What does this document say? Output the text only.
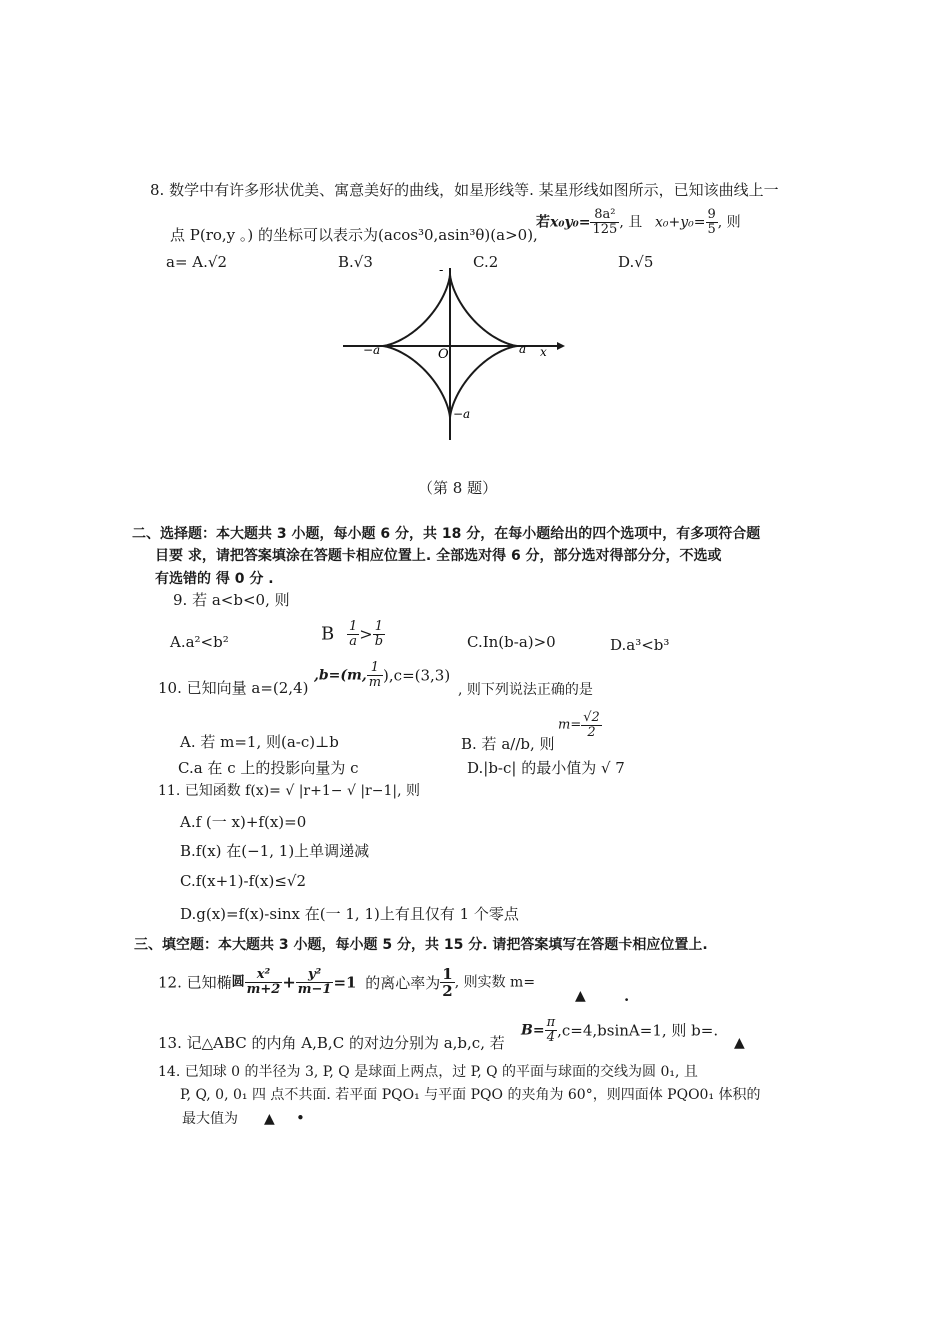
8. 数学中有许多形状优美、寓意美好的曲线，如星形线等. 某星形线如图所示，已知该曲线上一
点 P(ro,y 。) 的坐标可以表示为(acos³0,asin³θ)(a>0),
若$x_0y_0= \frac{\text{8a²}}{125}$ , 且 $x_0+y_0= \frac{9}{5}$ , 则
a= A.√2	B.√3	C.2	D.√5
-
−a	O	a x
−a
（第 8 题）
二、选择题：本大题共 3 小题，每小题 6 分，共 18 分，在每小题给出的四个选项中，有多项符合题
目要 求，请把答案填涂在答题卡相应位置上. 全部选对得 6 分，部分选对得部分分，不选或
有选错的 得 0 分 .
9. 若 a<b<0, 则
A.a²<b²	B $\frac{1}{a} > \frac{1}{b}$	C.In(b-a)>0	D.a³<b³
10. 已知向量 a=(2,4)
,b=(m, $\frac{1}{m} ),c=(3,3)$
, 则下列说法正确的是
A. 若 m=1, 则(a-c)⊥b	B. 若 a//b, 则
$m= \frac{√2}{2}$
C.a 在 c 上的投影向量为 c	D.|b-c| 的最小值为 √ 7
11. 已知函数 f(x)= √ |r+1− √ |r−1|, 则
A.f (一 x)+f(x)=0
B.f(x) 在(−1, 1)上单调递减
C.f(x+1)-f(x)≤√2
D.g(x)=f(x)-sinx 在(一 1, 1)上有且仅有 1 个零点
三、填空题：本大题共 3 小题，每小题 5 分，共 15 分. 请把答案填写在答题卡相应位置上.
12. 已知椭圆 $\frac{\text{x²}}{m+2} + \frac{\text{y²}}{m-1} =1$ 的离心率为 $\frac{1}{2}$ , 则实数 m=
▲	.
13. 记△ABC 的内角 A,B,C 的对边分别为 a,b,c, 若
$B= \frac{\pi}{4} ,c=4,bsinA=1$, 则 b=.
▲
14. 已知球 0 的半径为 3, P, Q 是球面上两点，过 P, Q 的平面与球面的交线为圆 0₁, 且
P, Q, 0, 0₁ 四 点不共面. 若平面 PQO₁ 与平面 PQO 的夹角为 60°，则四面体 PQO0₁ 体积的
最大值为 ▲ •
